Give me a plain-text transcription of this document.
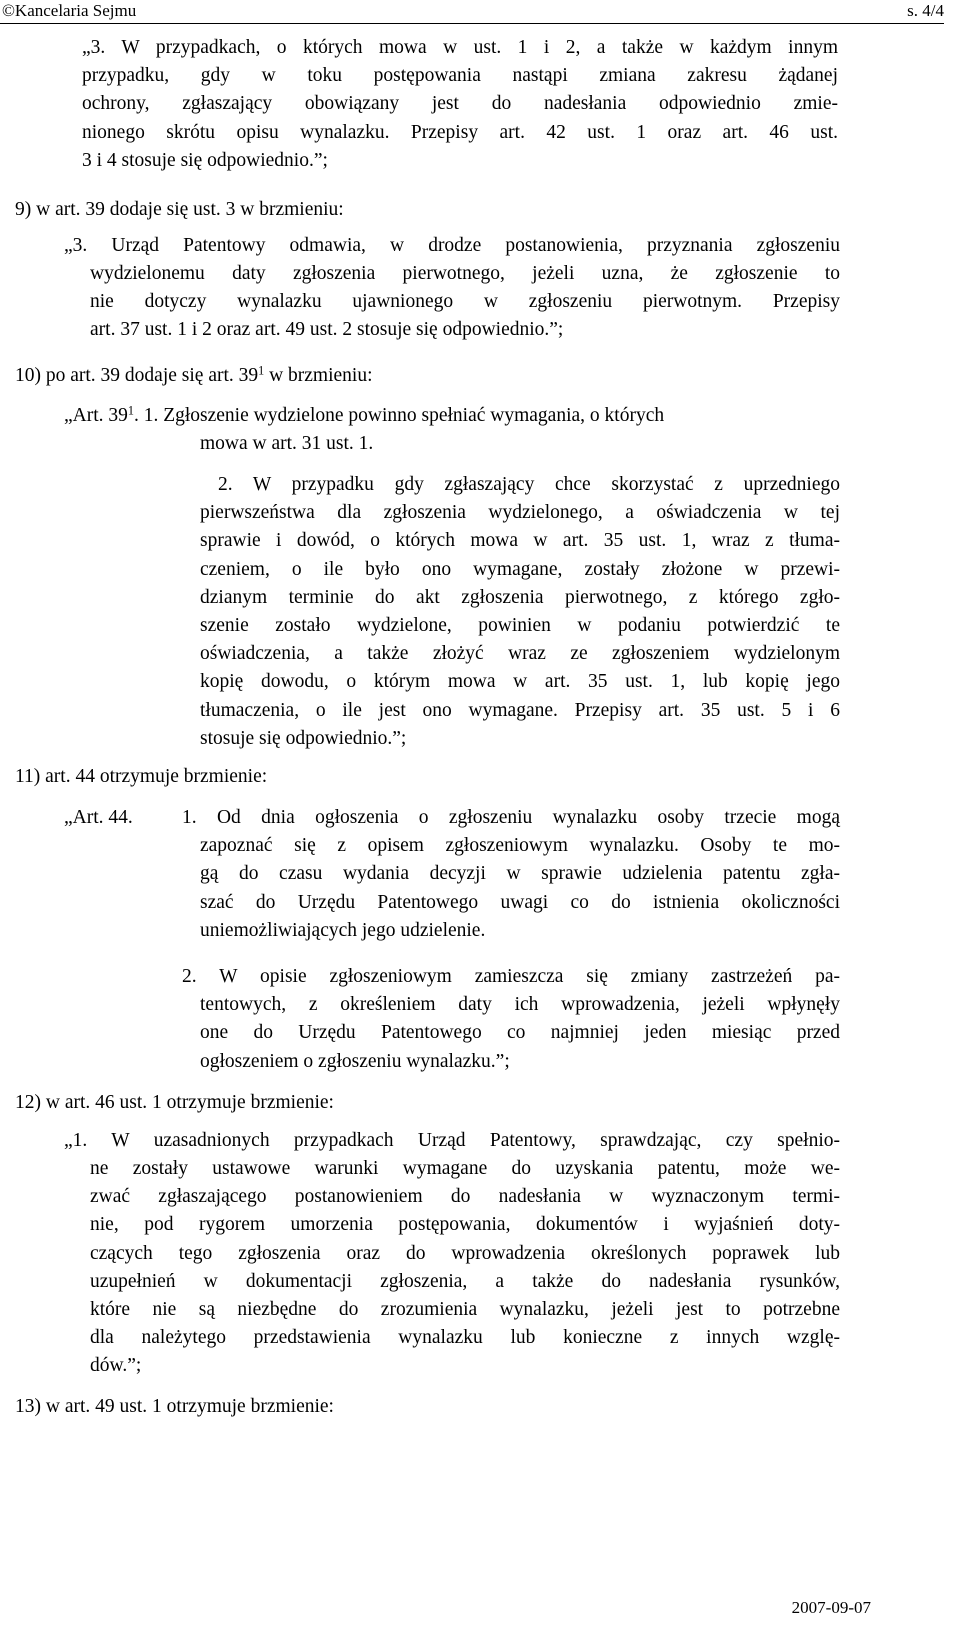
©Kancelaria Sejmu	s. 4/4
„3. W przypadkach, o których mowa w ust. 1 i 2, a także w każdym innym
przypadku, gdy w toku postępowania nastąpi zmiana zakresu żądanej
ochrony, zgłaszający obowiązany jest do nadesłania odpowiednio zmie-
nionego skrótu opisu wynalazku. Przepisy art. 42 ust. 1 oraz art. 46 ust.
3 i 4 stosuje się odpowiednio.”;
9) w art. 39 dodaje się ust. 3 w brzmieniu:
„3. Urząd Patentowy odmawia, w drodze postanowienia, przyznania zgłoszeniu
wydzielonemu daty zgłoszenia pierwotnego, jeżeli uzna, że zgłoszenie to
nie dotyczy wynalazku ujawnionego w zgłoszeniu pierwotnym. Przepisy
art. 37 ust. 1 i 2 oraz art. 49 ust. 2 stosuje się odpowiednio.”;
10) po art. 39 dodaje się art. $39^1$ w brzmieniu:
„Art. $39^1$. 1. Zgłoszenie wydzielone powinno spełniać wymagania, o których
mowa w art. 31 ust. 1.
2. W przypadku gdy zgłaszający chce skorzystać z uprzedniego
pierwszeństwa dla zgłoszenia wydzielonego, a oświadczenia w tej
sprawie i dowód, o których mowa w art. 35 ust. 1, wraz z tłuma-
czeniem, o ile było ono wymagane, zostały złożone w przewi-
dzianym terminie do akt zgłoszenia pierwotnego, z którego zgło-
szenie zostało wydzielone, powinien w podaniu potwierdzić te
oświadczenia, a także złożyć wraz ze zgłoszeniem wydzielonym
kopię dowodu, o którym mowa w art. 35 ust. 1, lub kopię jego
tłumaczenia, o ile jest ono wymagane. Przepisy art. 35 ust. 5 i 6
stosuje się odpowiednio.”;
11) art. 44 otrzymuje brzmienie:
„Art. 44.	1. Od dnia ogłoszenia o zgłoszeniu wynalazku osoby trzecie mogą
zapoznać się z opisem zgłoszeniowym wynalazku. Osoby te mo-
gą do czasu wydania decyzji w sprawie udzielenia patentu zgła-
szać do Urzędu Patentowego uwagi co do istnienia okoliczności
uniemożliwiających jego udzielenie.
2. W opisie zgłoszeniowym zamieszcza się zmiany zastrzeżeń pa-
tentowych, z określeniem daty ich wprowadzenia, jeżeli wpłynęły
one do Urzędu Patentowego co najmniej jeden miesiąc przed
ogłoszeniem o zgłoszeniu wynalazku.”;
12) w art. 46 ust. 1 otrzymuje brzmienie:
„1. W uzasadnionych przypadkach Urząd Patentowy, sprawdzając, czy spełnio-
ne zostały ustawowe warunki wymagane do uzyskania patentu, może we-
zwać zgłaszającego postanowieniem do nadesłania w wyznaczonym termi-
nie, pod rygorem umorzenia postępowania, dokumentów i wyjaśnień doty-
czących tego zgłoszenia oraz do wprowadzenia określonych poprawek lub
uzupełnień w dokumentacji zgłoszenia, a także do nadesłania rysunków,
które nie są niezbędne do zrozumienia wynalazku, jeżeli jest to potrzebne
dla należytego przedstawienia wynalazku lub konieczne z innych wzglę-
dów.”;
13) w art. 49 ust. 1 otrzymuje brzmienie:
2007-09-07
